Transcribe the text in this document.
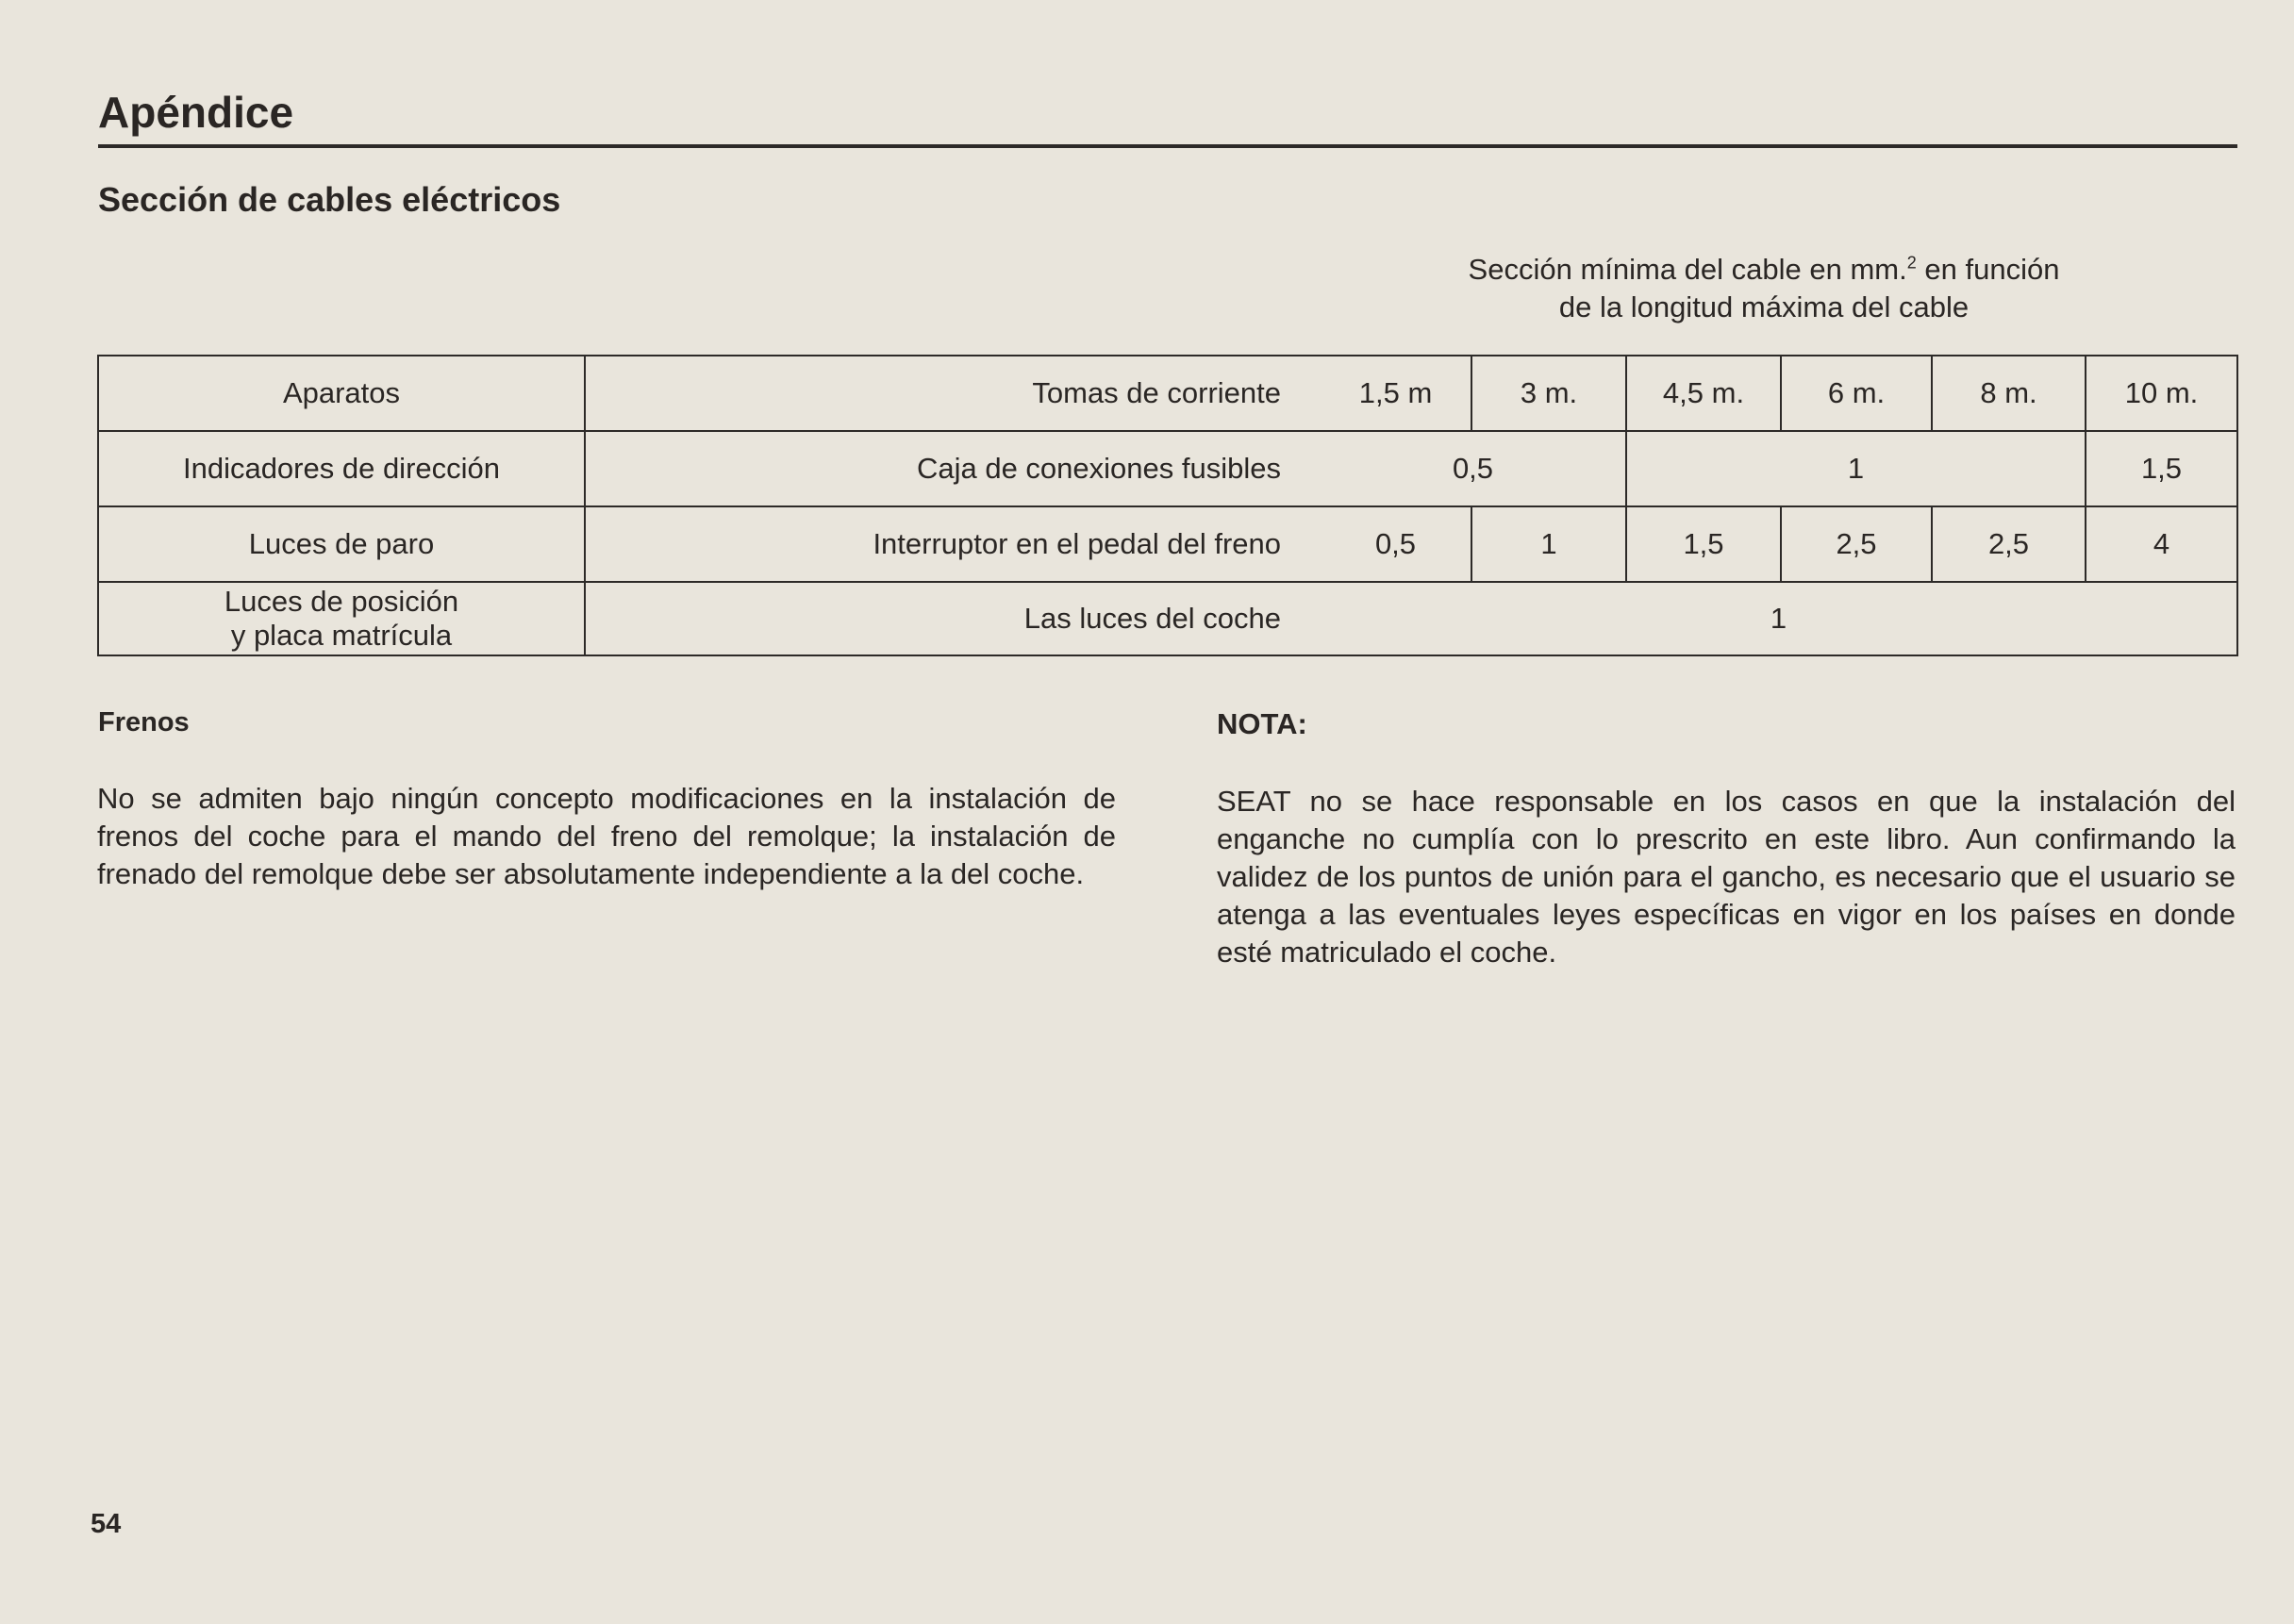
Apéndice
Sección de cables eléctricos
Sección mínima del cable en mm.$^2$ en función
de la longitud máxima del cable
Aparatos	Tomas de corriente	1,5 m	3 m.	4,5 m.	6 m.	8 m.	10 m.
Indicadores de dirección	Caja de conexiones fusibles	0,5		1			1,5
Luces de paro	Interruptor en el pedal del freno	0,5	1	1,5	2,5	2,5	4
Luces de posición
y placa matrícula	Las luces del coche	1					
Frenos
No se admiten bajo ningún concepto modificaciones en la instalación de frenos del coche para el mando del freno del remolque; la instalación de frenado del remolque debe ser absolutamente independiente a la del coche.
NOTA:
SEAT no se hace responsable en los casos en que la instalación del enganche no cumplía con lo prescrito en este libro. Aun confirmando la validez de los puntos de unión para el gancho, es necesario que el usuario se atenga a las eventuales leyes específicas en vigor en los países en donde esté matriculado el coche.
54
